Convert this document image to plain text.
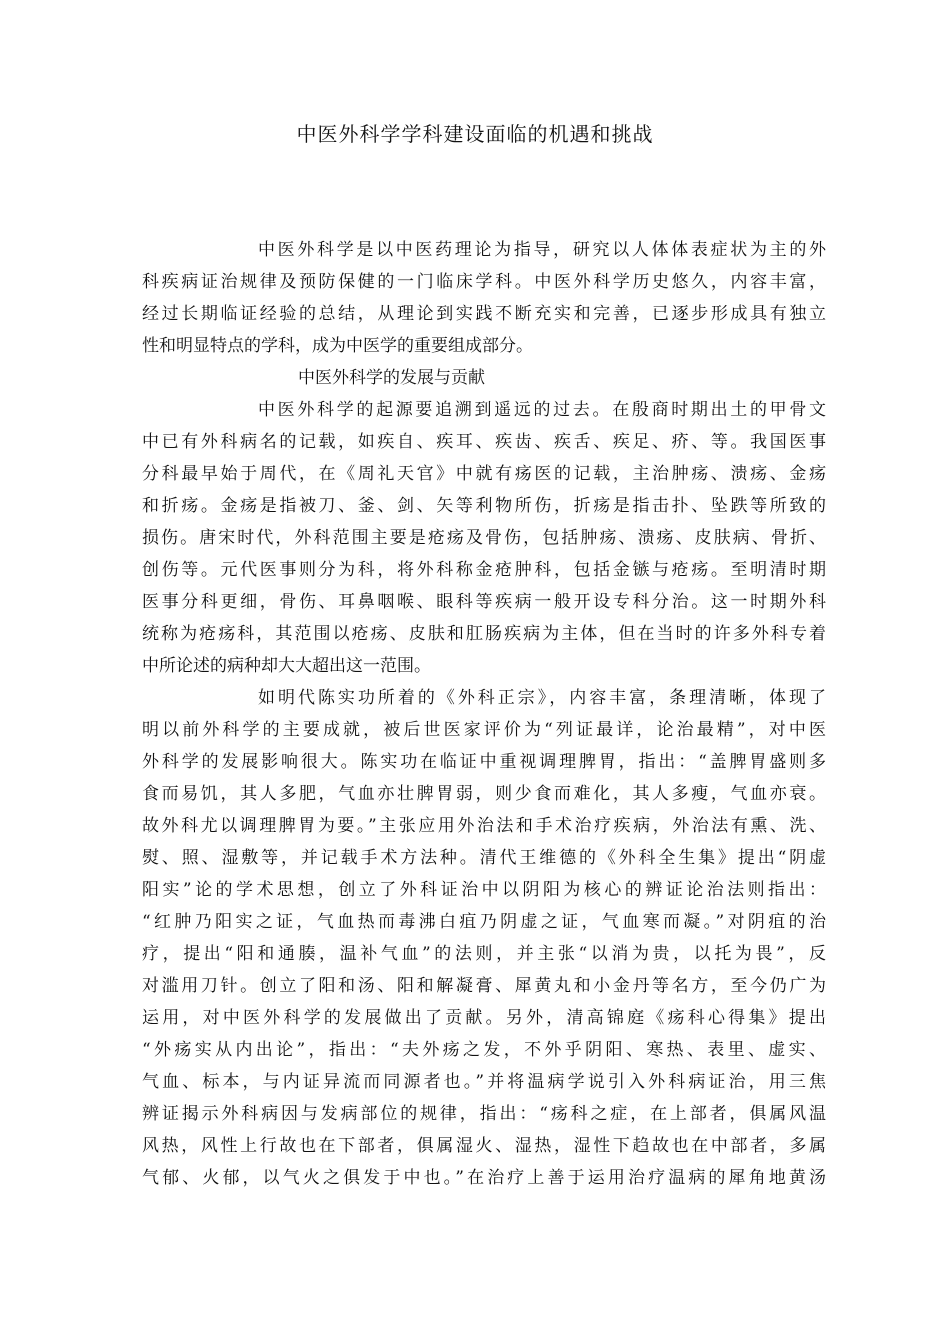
中医外科学学科建设面临的机遇和挑战
中医外科学是以中医药理论为指导，研究以人体体表症状为主的外
科疾病证治规律及预防保健的一门临床学科。中医外科学历史悠久，内容丰富，
经过长期临证经验的总结，从理论到实践不断充实和完善，已逐步形成具有独立
性和明显特点的学科，成为中医学的重要组成部分。
中医外科学的发展与贡献
中医外科学的起源要追溯到遥远的过去。在殷商时期出土的甲骨文
中已有外科病名的记载，如疾自、疾耳、疾齿、疾舌、疾足、疥、等。我国医事
分科最早始于周代，在《周礼天官》中就有疡医的记载，主治肿疡、溃疡、金疡
和折疡。金疡是指被刀、釜、剑、矢等利物所伤，折疡是指击扑、坠跌等所致的
损伤。唐宋时代，外科范围主要是疮疡及骨伤，包括肿疡、溃疡、皮肤病、骨折、
创伤等。元代医事则分为科，将外科称金疮肿科，包括金镞与疮疡。至明清时期
医事分科更细，骨伤、耳鼻咽喉、眼科等疾病一般开设专科分治。这一时期外科
统称为疮疡科，其范围以疮疡、皮肤和肛肠疾病为主体，但在当时的许多外科专着
中所论述的病种却大大超出这一范围。
如明代陈实功所着的《外科正宗》，内容丰富，条理清晰，体现了
明以前外科学的主要成就，被后世医家评价为“列证最详，论治最精”，对中医
外科学的发展影响很大。陈实功在临证中重视调理脾胃，指出：“盖脾胃盛则多
食而易饥，其人多肥，气血亦壮脾胃弱，则少食而难化，其人多瘦，气血亦衰。
故外科尤以调理脾胃为要。”主张应用外治法和手术治疗疾病，外治法有熏、洗、
熨、照、湿敷等，并记载手术方法种。清代王维德的《外科全生集》提出“阴虚
阳实”论的学术思想，创立了外科证治中以阴阳为核心的辨证论治法则指出：
“红肿乃阳实之证，气血热而毒沸白疽乃阴虚之证，气血寒而凝。”对阴疽的治
疗，提出“阳和通腠，温补气血”的法则，并主张“以消为贵，以托为畏”，反
对滥用刀针。创立了阳和汤、阳和解凝膏、犀黄丸和小金丹等名方，至今仍广为
运用，对中医外科学的发展做出了贡献。另外，清高锦庭《疡科心得集》提出
“外疡实从内出论”，指出：“夫外疡之发，不外乎阴阳、寒热、表里、虚实、
气血、标本，与内证异流而同源者也。”并将温病学说引入外科病证治，用三焦
辨证揭示外科病因与发病部位的规律，指出：“疡科之症，在上部者，俱属风温
风热，风性上行故也在下部者，俱属湿火、湿热，湿性下趋故也在中部者，多属
气郁、火郁，以气火之俱发于中也。”在治疗上善于运用治疗温病的犀角地黄汤
